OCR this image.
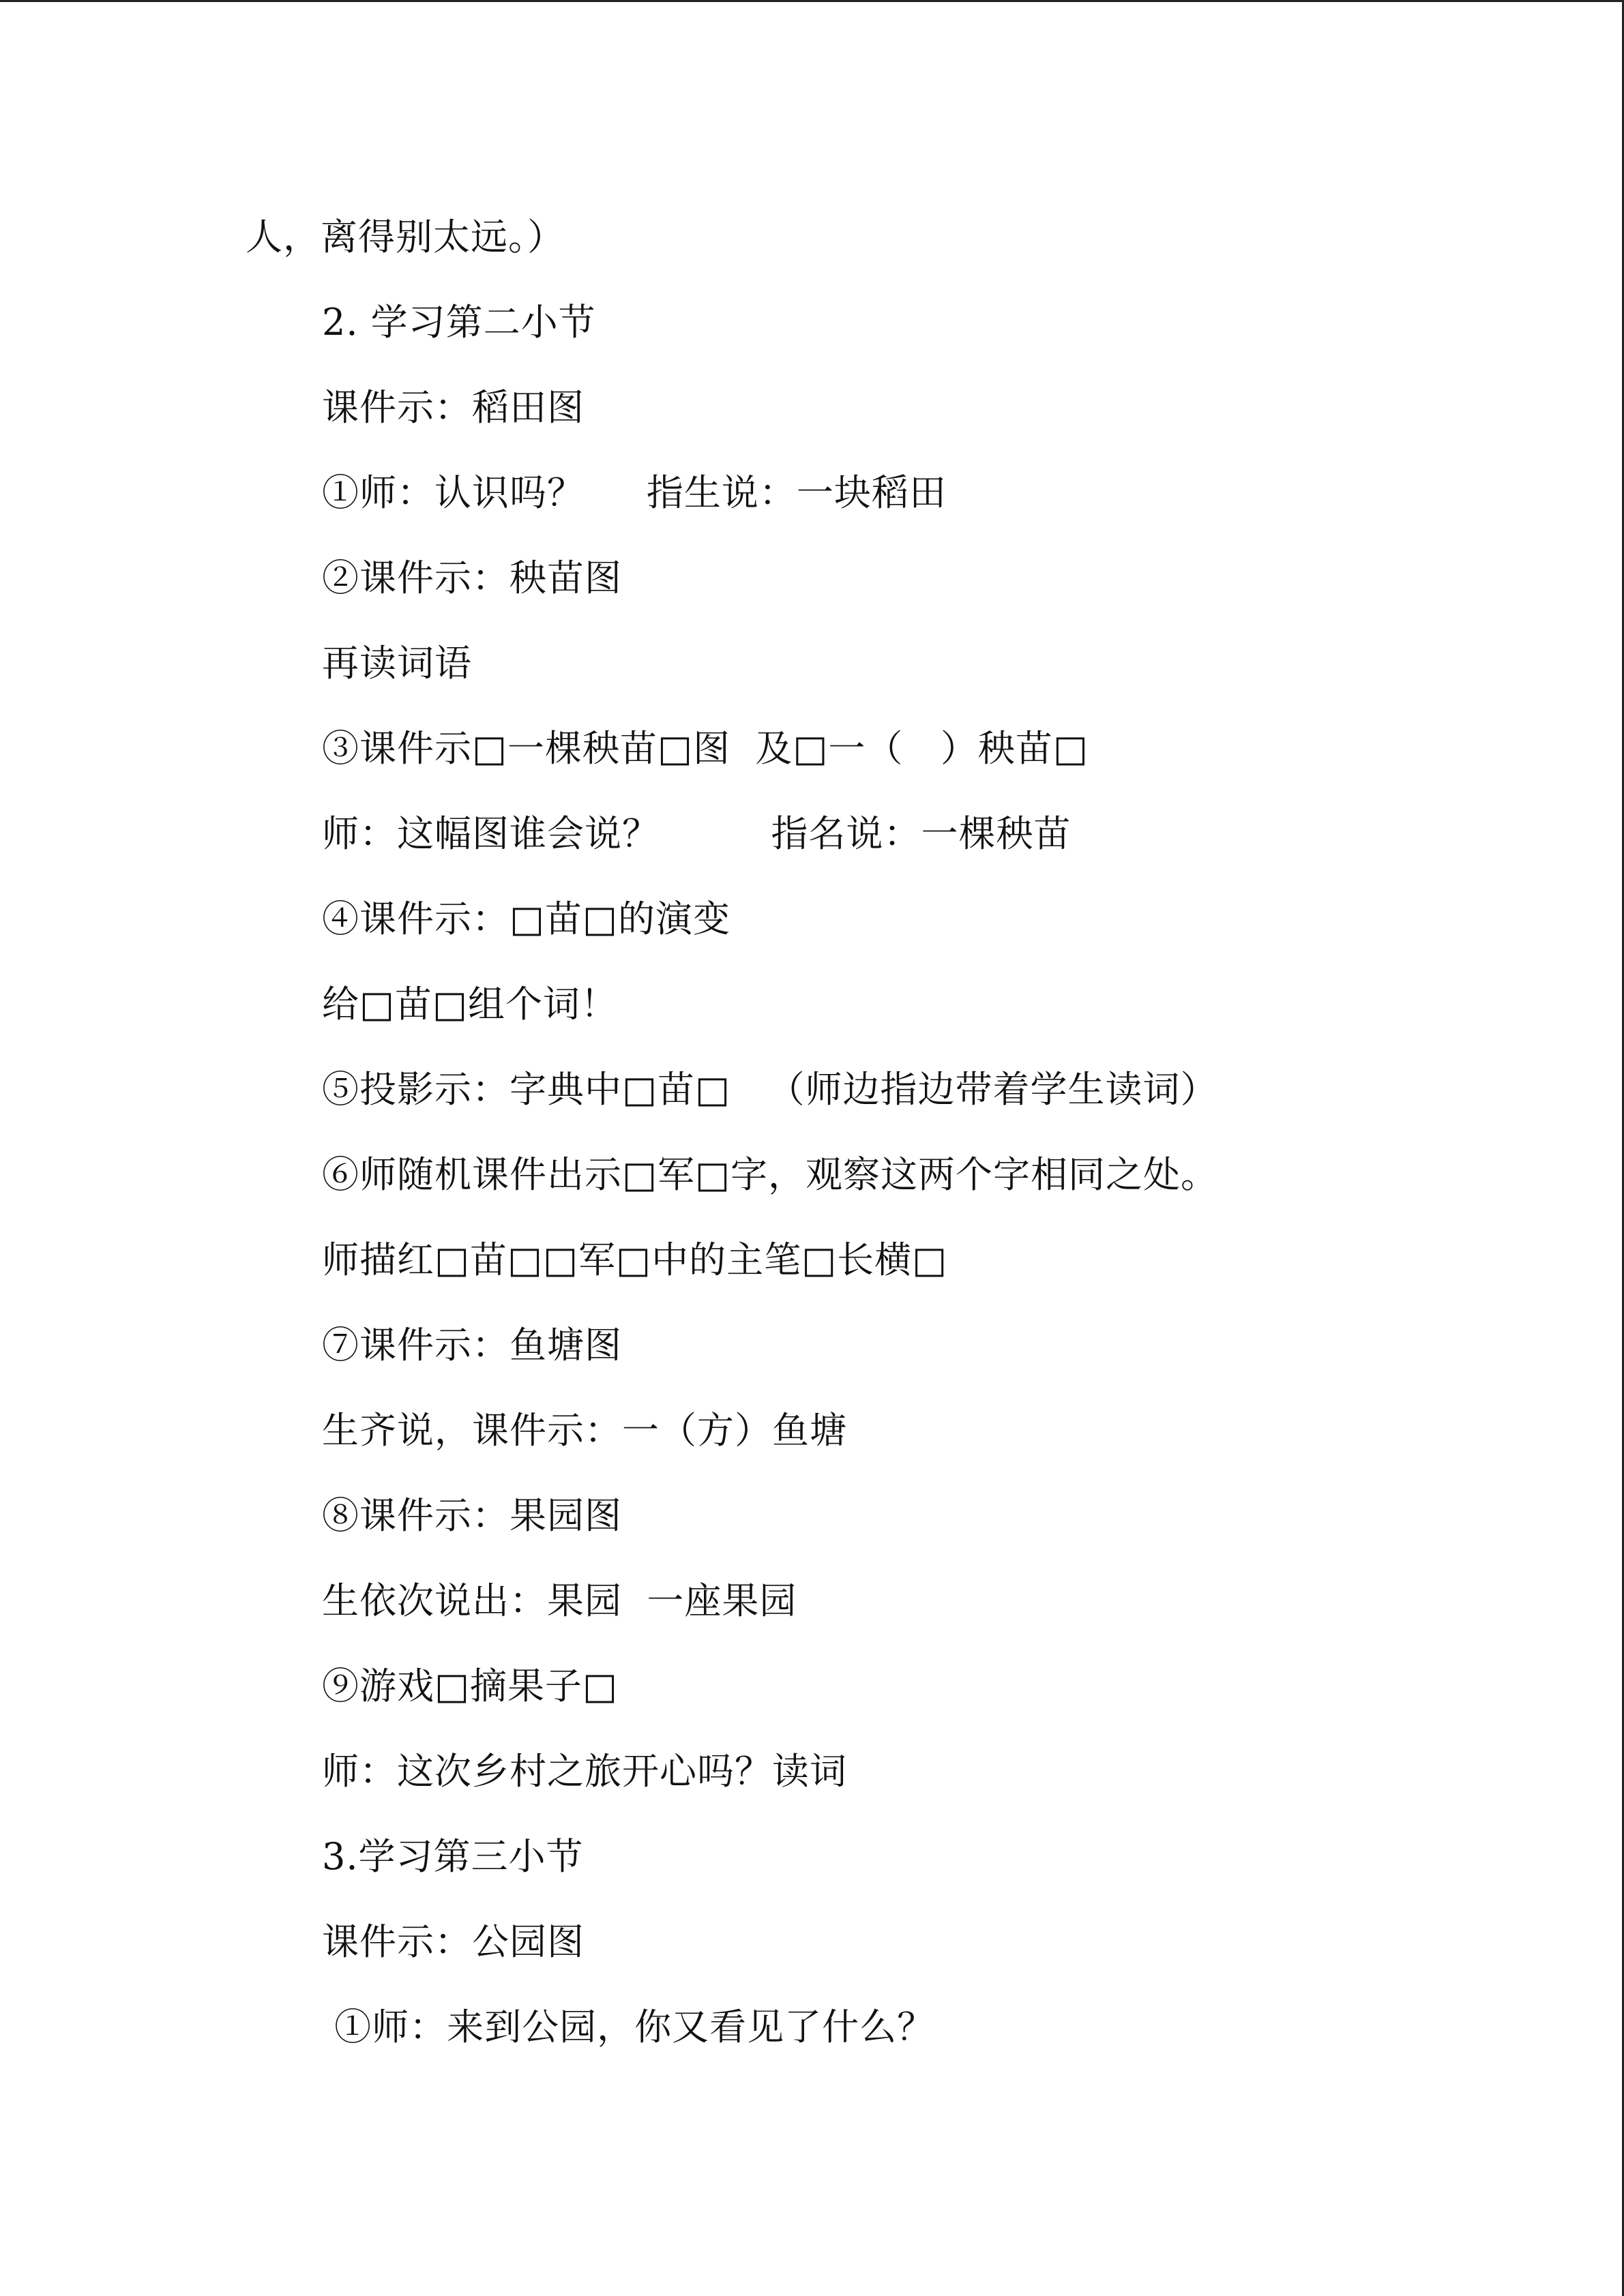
人，离得别太远。）
2. 学习第二小节
课件示：稻田图
①师：认识吗？     指生说：一块稻田
②课件示：秧苗图
再读词语
③课件示□一棵秧苗□图  及□一（   ）秧苗□
师：这幅图谁会说？         指名说：一棵秧苗
④课件示：□苗□的演变
给□苗□组个词！
⑤投影示：字典中□苗□   （师边指边带着学生读词）
⑥师随机课件出示□军□字，观察这两个字相同之处。
师描红□苗□□军□中的主笔□长横□
⑦课件示：鱼塘图
生齐说，课件示：一（方）鱼塘
⑧课件示：果园图
生依次说出：果园  一座果园
⑨游戏□摘果子□
师：这次乡村之旅开心吗？读词
3.学习第三小节
课件示：公园图
①师：来到公园，你又看见了什么？
